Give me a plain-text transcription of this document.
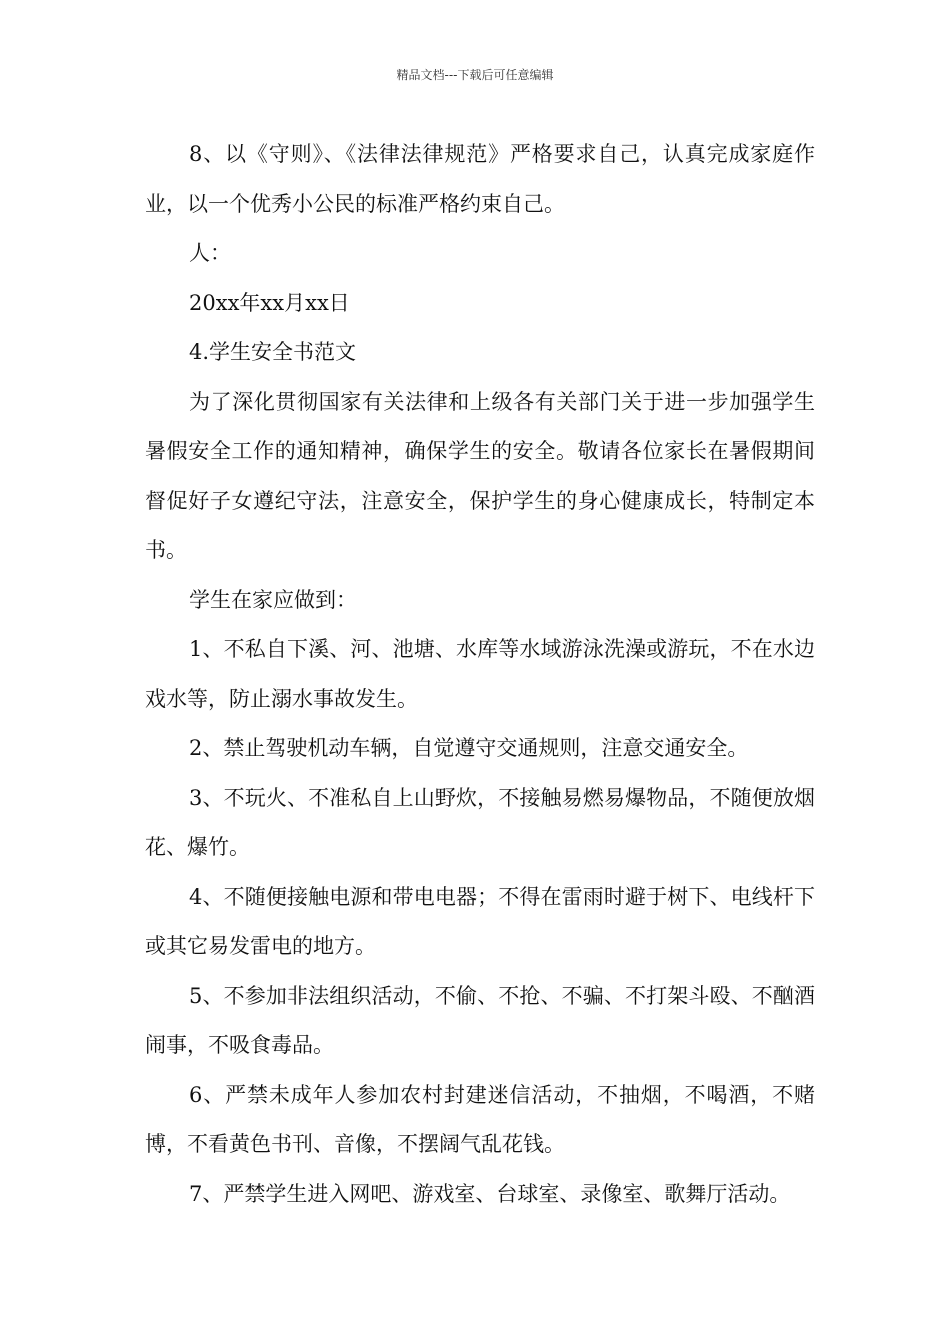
精品文档---下载后可任意编辑

8、以《守则》、《法律法律规范》严格要求自己，认真完成家庭作业，以一个优秀小公民的标准严格约束自己。

人：

20xx年xx月xx日

4.学生安全书范文

为了深化贯彻国家有关法律和上级各有关部门关于进一步加强学生暑假安全工作的通知精神，确保学生的安全。敬请各位家长在暑假期间督促好子女遵纪守法，注意安全，保护学生的身心健康成长，特制定本书。

学生在家应做到：

1、不私自下溪、河、池塘、水库等水域游泳洗澡或游玩，不在水边戏水等，防止溺水事故发生。

2、禁止驾驶机动车辆，自觉遵守交通规则，注意交通安全。

3、不玩火、不准私自上山野炊，不接触易燃易爆物品，不随便放烟花、爆竹。

4、不随便接触电源和带电电器；不得在雷雨时避于树下、电线杆下或其它易发雷电的地方。

5、不参加非法组织活动，不偷、不抢、不骗、不打架斗殴、不酗酒闹事，不吸食毒品。

6、严禁未成年人参加农村封建迷信活动，不抽烟，不喝酒，不赌博，不看黄色书刊、音像，不摆阔气乱花钱。

7、严禁学生进入网吧、游戏室、台球室、录像室、歌舞厅活动。
